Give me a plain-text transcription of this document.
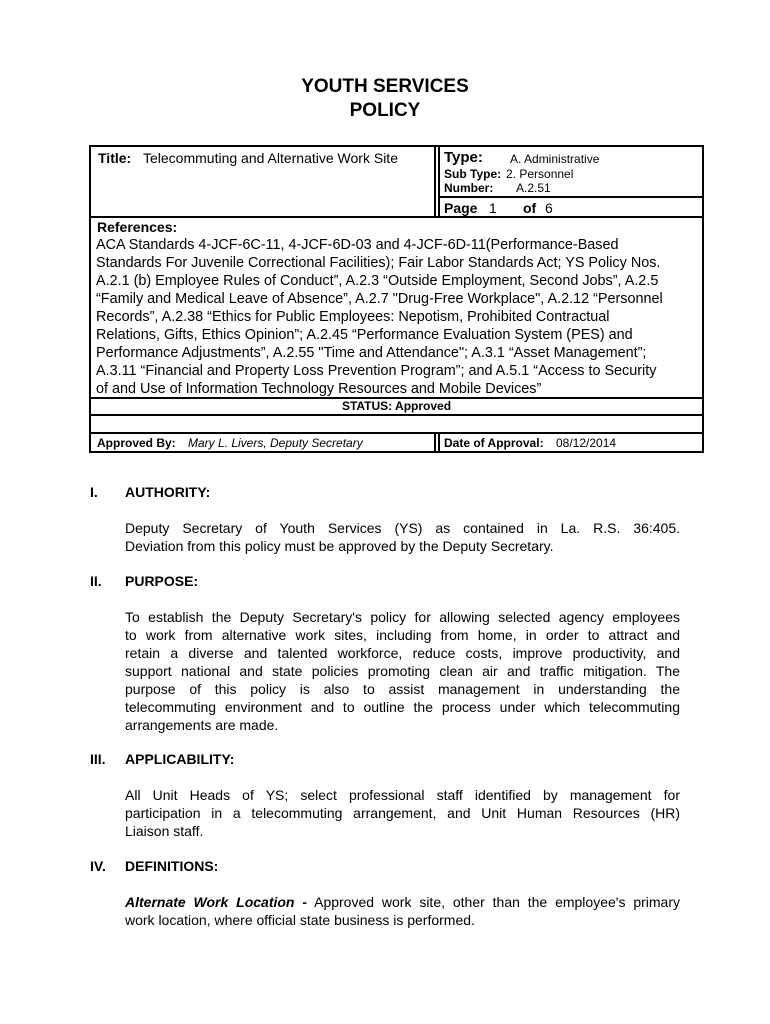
YOUTH SERVICES
POLICY
Title: Telecommuting and Alternative Work Site	Type: A. Administrative
Sub Type: 2. Personnel
Number: A.2.51
Page 1 of 6
References:
ACA Standards 4-JCF-6C-11, 4-JCF-6D-03 and 4-JCF-6D-11(Performance-Based
Standards For Juvenile Correctional Facilities); Fair Labor Standards Act; YS Policy Nos.
A.2.1 (b) Employee Rules of Conduct”, A.2.3 “Outside Employment, Second Jobs”, A.2.5
“Family and Medical Leave of Absence”, A.2.7 "Drug-Free Workplace", A.2.12 “Personnel
Records”, A.2.38 “Ethics for Public Employees: Nepotism, Prohibited Contractual
Relations, Gifts, Ethics Opinion”; A.2.45 “Performance Evaluation System (PES) and
Performance Adjustments”, A.2.55 "Time and Attendance"; A.3.1 “Asset Management”;
A.3.11 “Financial and Property Loss Prevention Program”; and A.5.1 “Access to Security
of and Use of Information Technology Resources and Mobile Devices”
STATUS: Approved
Approved By: Mary L. Livers, Deputy Secretary	Date of Approval: 08/12/2014
I. AUTHORITY:
Deputy Secretary of Youth Services (YS) as contained in La. R.S. 36:405.
Deviation from this policy must be approved by the Deputy Secretary.
II. PURPOSE:
To establish the Deputy Secretary's policy for allowing selected agency employees
to work from alternative work sites, including from home, in order to attract and
retain a diverse and talented workforce, reduce costs, improve productivity, and
support national and state policies promoting clean air and traffic mitigation. The
purpose of this policy is also to assist management in understanding the
telecommuting environment and to outline the process under which telecommuting
arrangements are made.
III. APPLICABILITY:
All Unit Heads of YS; select professional staff identified by management for
participation in a telecommuting arrangement, and Unit Human Resources (HR)
Liaison staff.
IV. DEFINITIONS:
Alternate Work Location - Approved work site, other than the employee's primary
work location, where official state business is performed.
